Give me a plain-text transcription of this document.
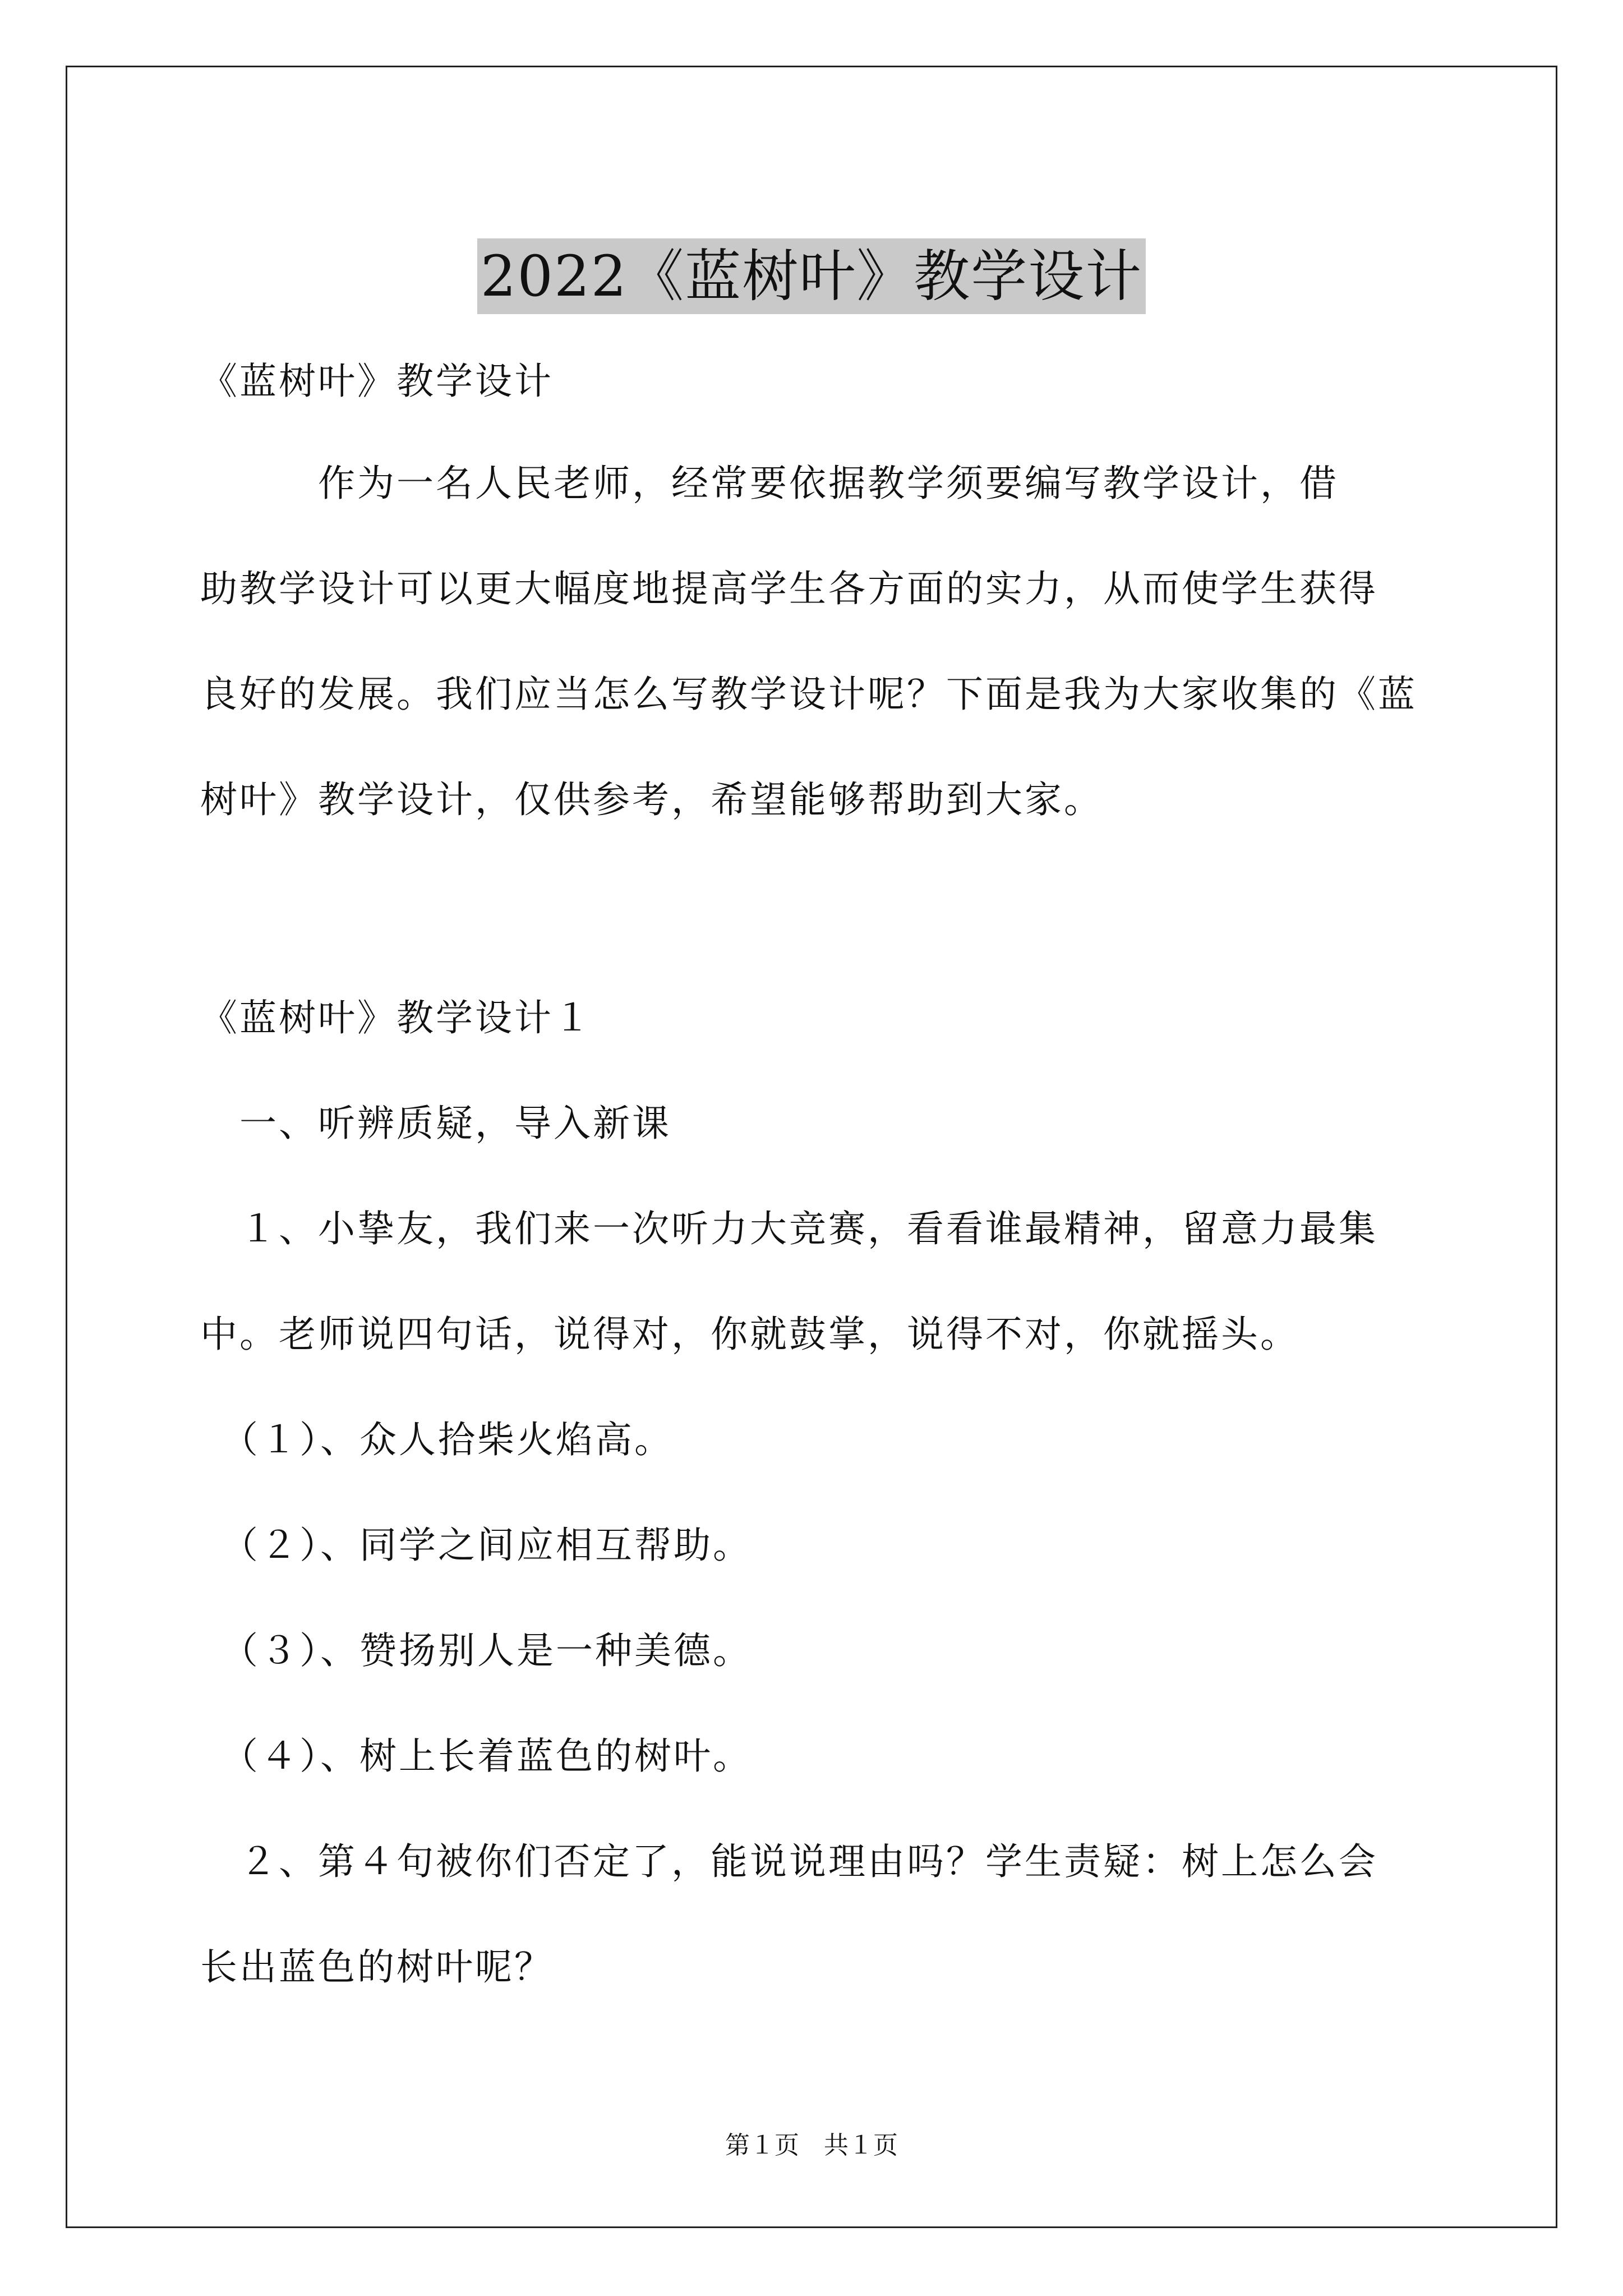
2022《蓝树叶》教学设计
《蓝树叶》教学设计
　　　作为一名人民老师，经常要依据教学须要编写教学设计，借
助教学设计可以更大幅度地提高学生各方面的实力，从而使学生获得
良好的发展。我们应当怎么写教学设计呢？下面是我为大家收集的《蓝
树叶》教学设计，仅供参考，希望能够帮助到大家。
《蓝树叶》教学设计１
　一、听辨质疑，导入新课
　１、小挚友，我们来一次听力大竞赛，看看谁最精神，留意力最集
中。老师说四句话，说得对，你就鼓掌，说得不对，你就摇头。
　（１）、众人拾柴火焰高。
　（２）、同学之间应相互帮助。
　（３）、赞扬别人是一种美德。
　（４）、树上长着蓝色的树叶。
　２、第４句被你们否定了，能说说理由吗？学生责疑：树上怎么会
长出蓝色的树叶呢？
第１页　共１页
